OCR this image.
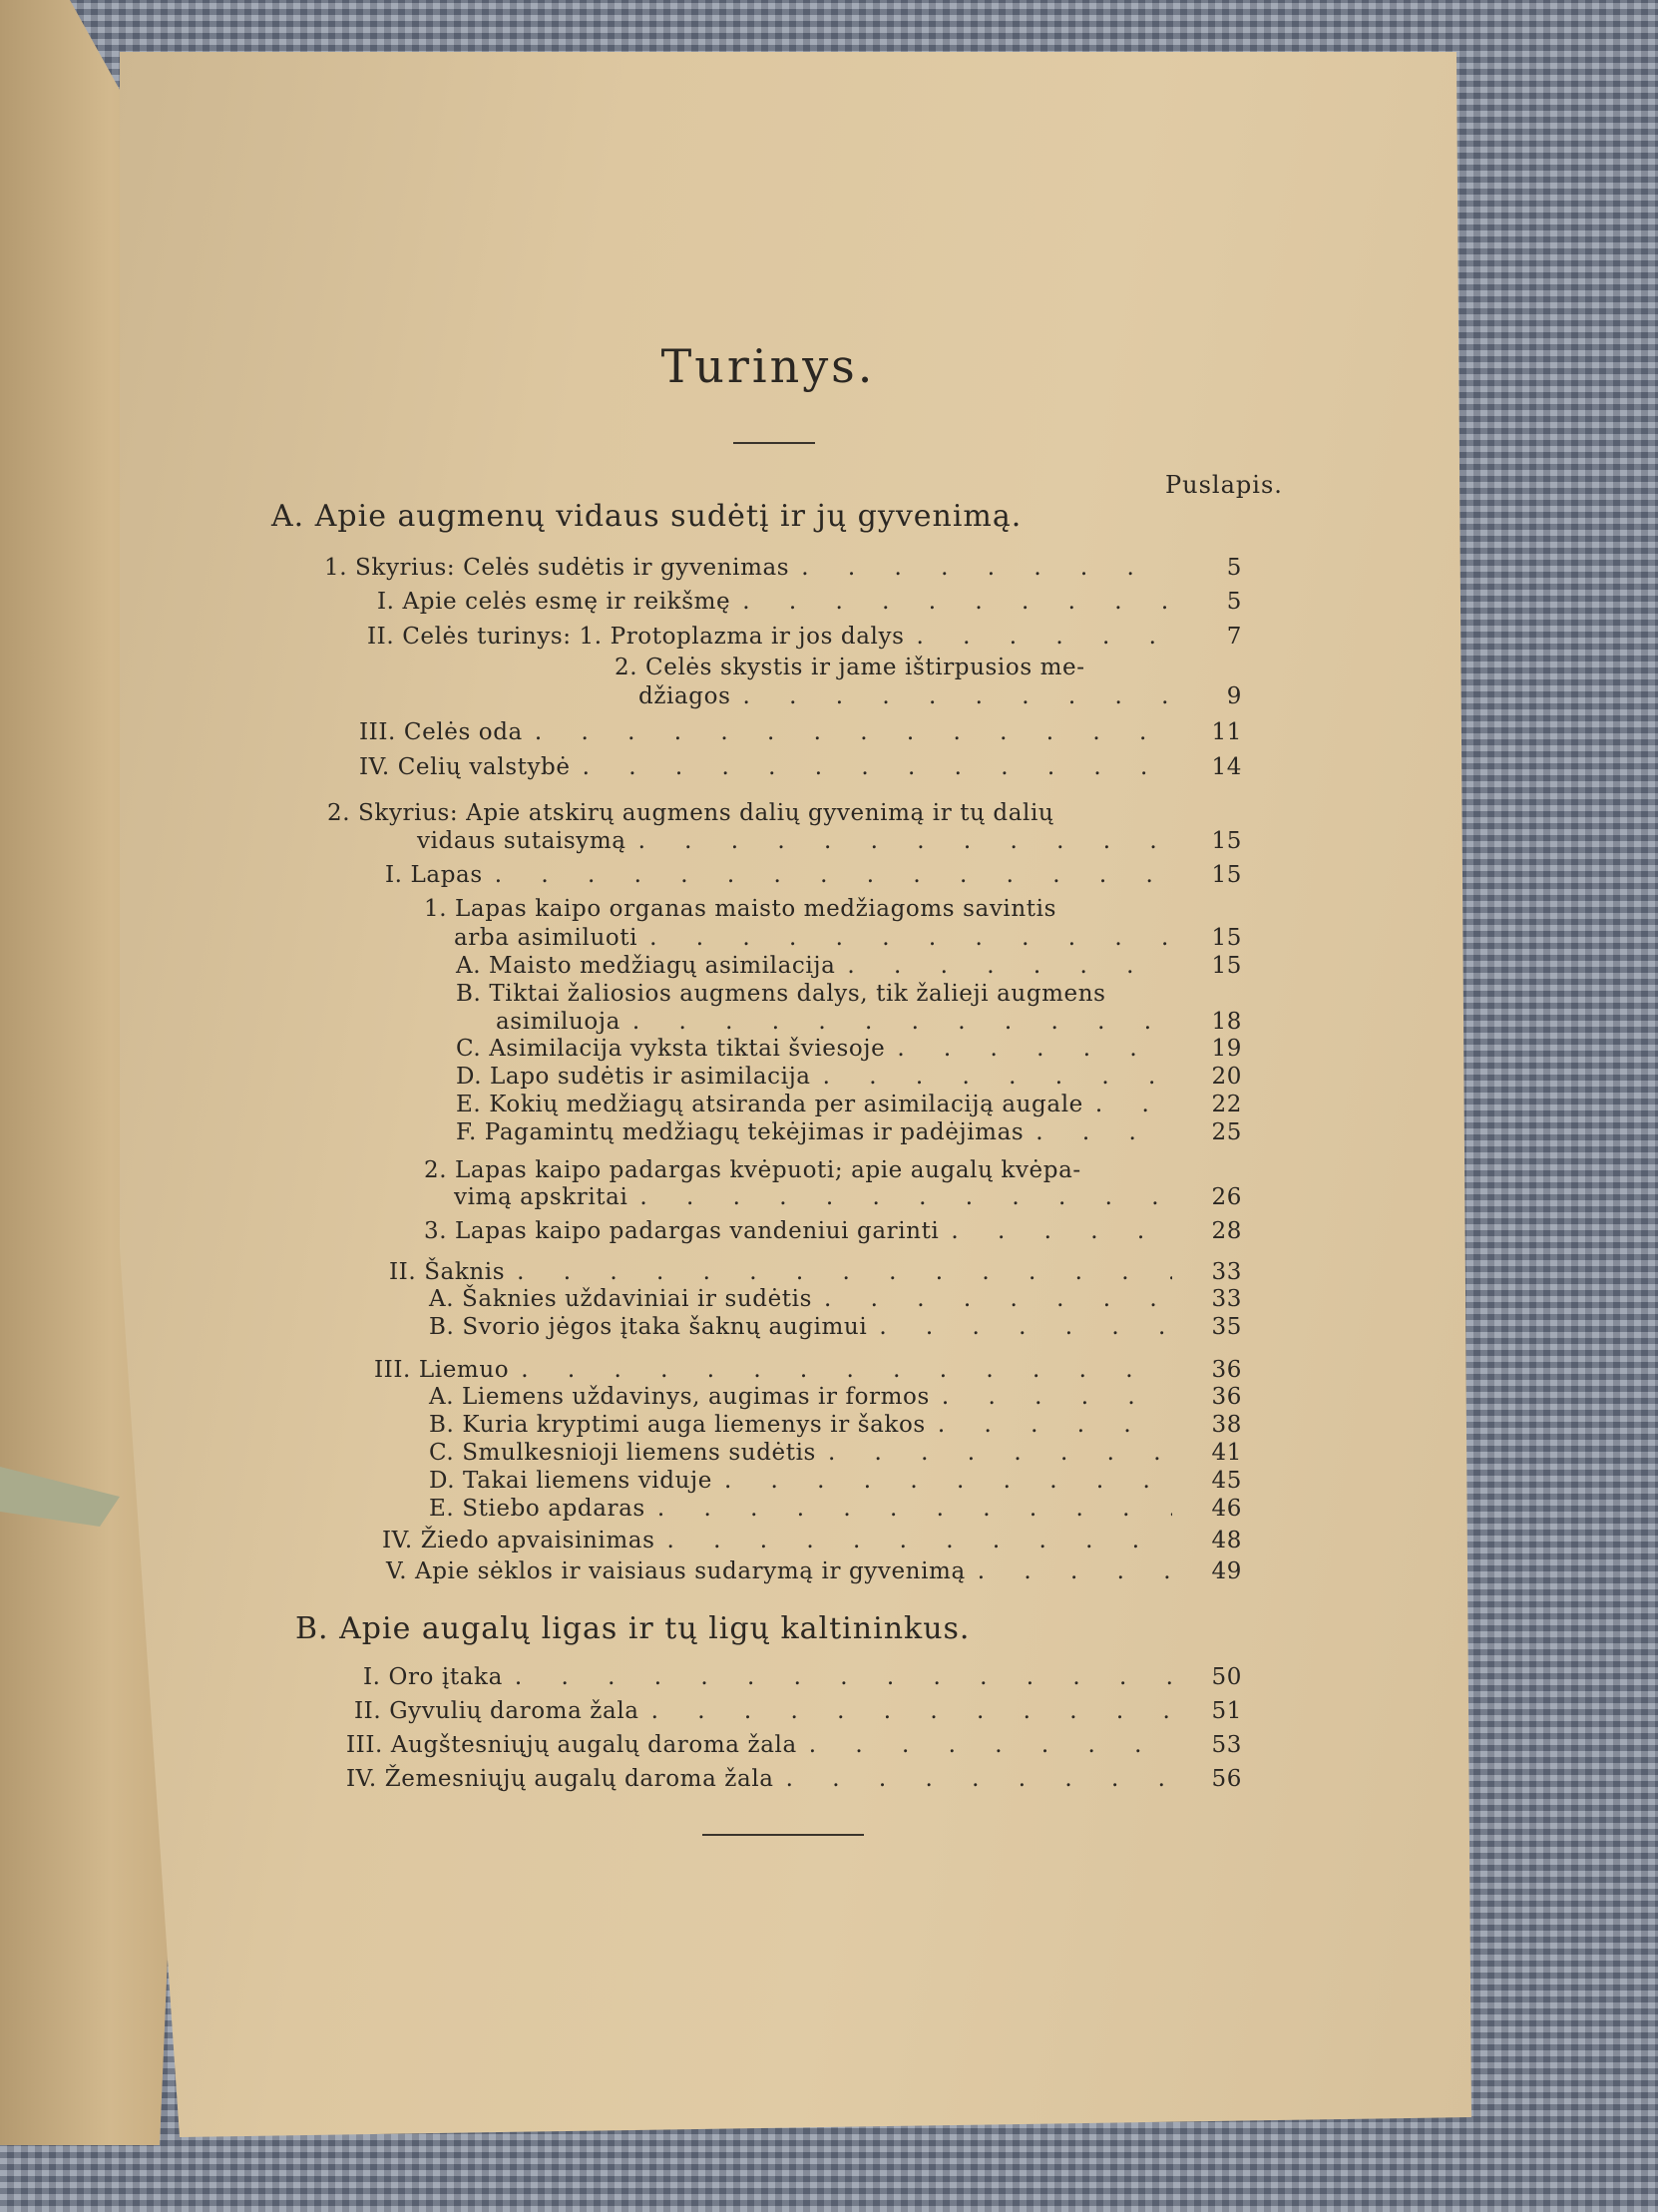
Turinys.
Puslapis.
A. Apie augmenų vidaus sudėtį ir jų gyvenimą.
1. Skyrius: Celės sudėtis ir gyvenimas . . .	5
I. Apie celės esmę ir reikšmę . . .	5
II. Celės turinys: 1. Protoplazma ir jos dalys . . .	7
2. Celės skystis ir jame ištirpusios me-
džiagos . . .	9
III. Celės oda . . .	11
IV. Celių valstybė . . .	14
2. Skyrius: Apie atskirų augmens dalių gyvenimą ir tų dalių
vidaus sutaisymą . . .	15
I. Lapas . . .	15
1. Lapas kaipo organas maisto medžiagoms savintis
arba asimiluoti . . .	15
A. Maisto medžiagų asimilacija . . .	15
B. Tiktai žaliosios augmens dalys, tik žalieji augmens
asimiluoja . . .	18
C. Asimilacija vyksta tiktai šviesoje . . .	19
D. Lapo sudėtis ir asimilacija . . .	20
E. Kokių medžiagų atsiranda per asimilaciją augale . . .	22
F. Pagamintų medžiagų tekėjimas ir padėjimas . . .	25
2. Lapas kaipo padargas kvėpuoti; apie augalų kvėpa-
vimą apskritai . . .	26
3. Lapas kaipo padargas vandeniui garinti . . .	28
II. Šaknis . . .	33
A. Šaknies uždaviniai ir sudėtis . . .	33
B. Svorio jėgos įtaka šaknų augimui . . .	35
III. Liemuo . . .	36
A. Liemens uždavinys, augimas ir formos . . .	36
B. Kuria kryptimi auga liemenys ir šakos . . .	38
C. Smulkesnioji liemens sudėtis . . .	41
D. Takai liemens viduje . . .	45
E. Stiebo apdaras . . .	46
IV. Žiedo apvaisinimas . . .	48
V. Apie sėklos ir vaisiaus sudarymą ir gyvenimą . . .	49
B. Apie augalų ligas ir tų ligų kaltininkus.
I. Oro įtaka . . .	50
II. Gyvulių daroma žala . . .	51
III. Augštesniųjų augalų daroma žala . . .	53
IV. Žemesniųjų augalų daroma žala . . .	56
